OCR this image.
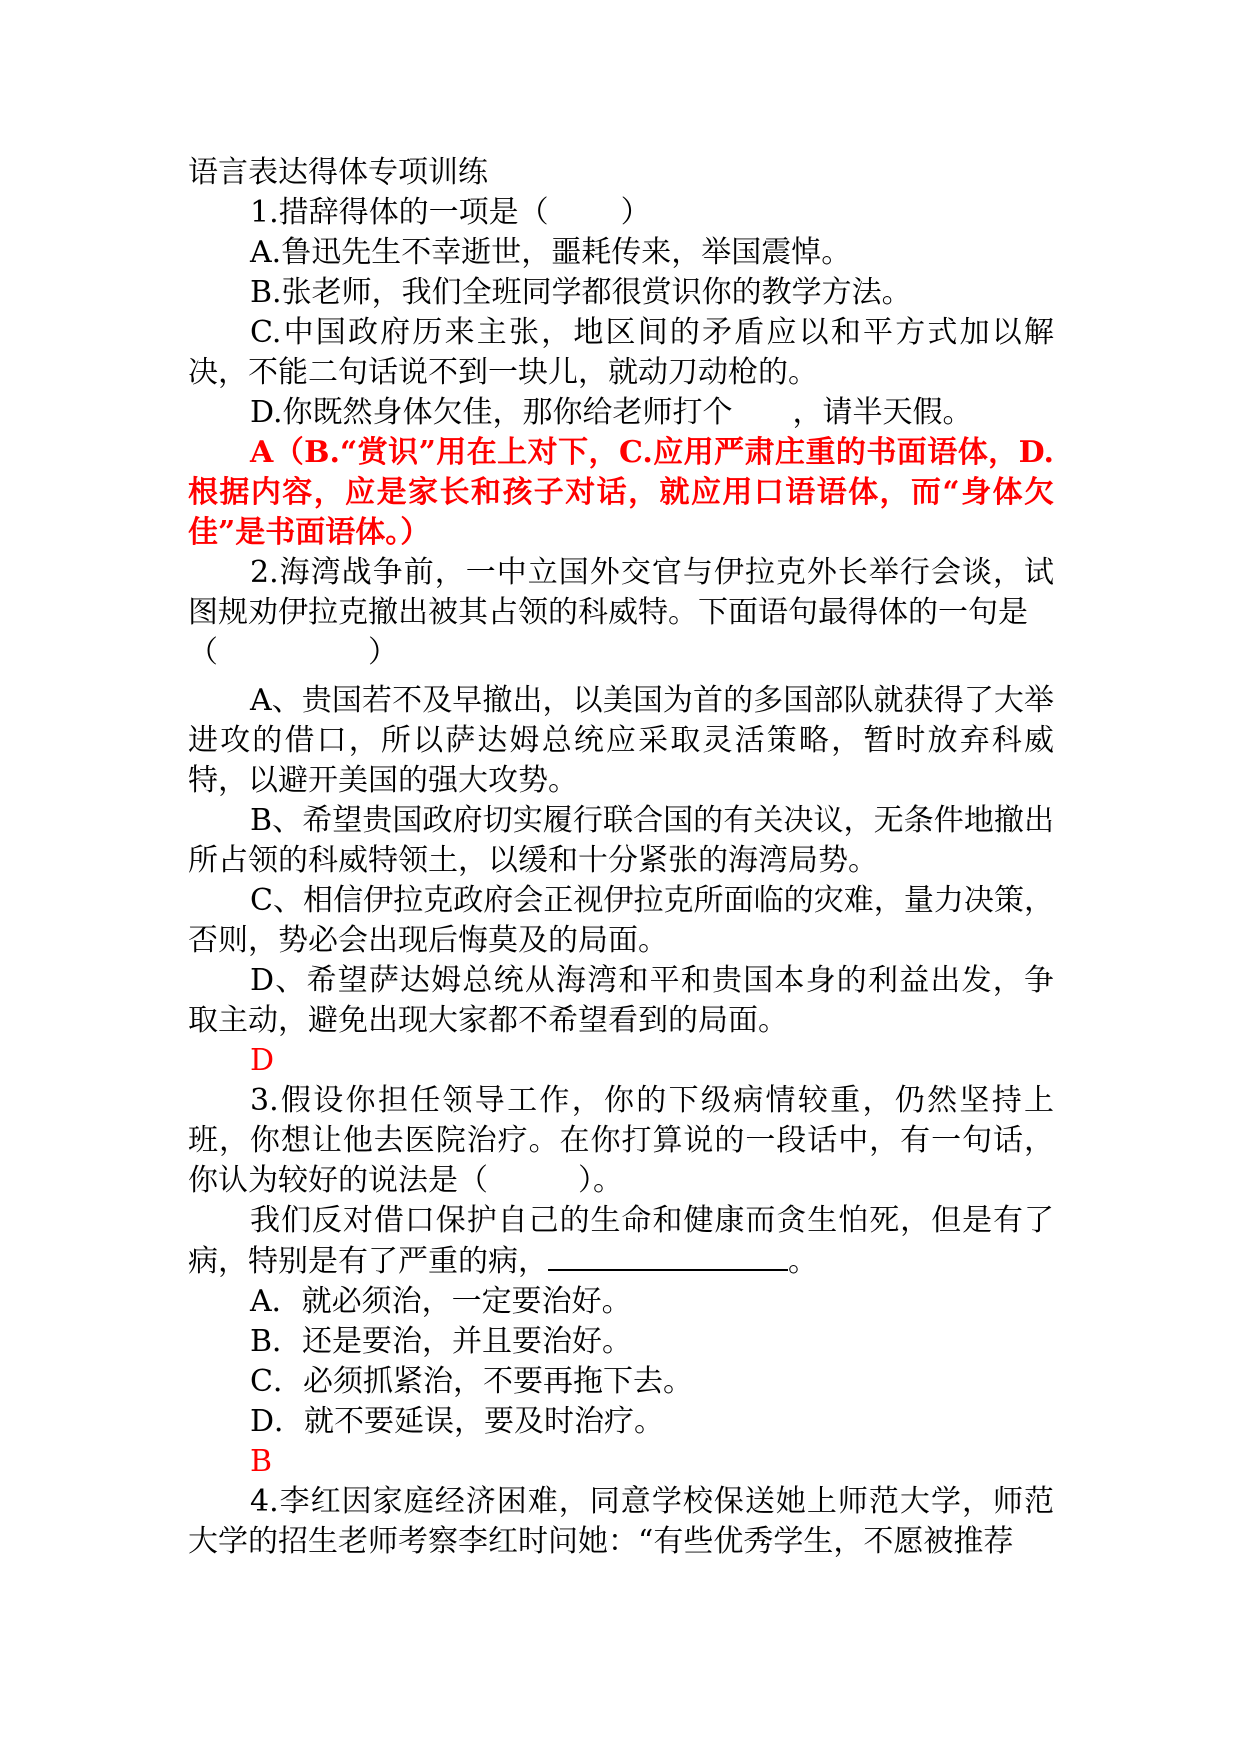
语言表达得体专项训练

1.措辞得体的一项是（ ）

A.鲁迅先生不幸逝世，噩耗传来，举国震悼。

B.张老师，我们全班同学都很赏识你的教学方法。

C.中国政府历来主张，地区间的矛盾应以和平方式加以解决，不能二句话说不到一块儿，就动刀动枪的。

D.你既然身体欠佳，那你给老师打个 ，请半天假。

A（B.“赏识”用在上对下，C.应用严肃庄重的书面语体，D.根据内容，应是家长和孩子对话，就应用口语语体，而“身体欠佳”是书面语体。）

2.海湾战争前，一中立国外交官与伊拉克外长举行会谈，试图规劝伊拉克撤出被其占领的科威特。下面语句最得体的一句是

（	）

A、贵国若不及早撤出，以美国为首的多国部队就获得了大举进攻的借口，所以萨达姆总统应采取灵活策略，暂时放弃科威特，以避开美国的强大攻势。

B、希望贵国政府切实履行联合国的有关决议，无条件地撤出所占领的科威特领土，以缓和十分紧张的海湾局势。

C、相信伊拉克政府会正视伊拉克所面临的灾难，量力决策，否则，势必会出现后悔莫及的局面。

D、希望萨达姆总统从海湾和平和贵国本身的利益出发，争取主动，避免出现大家都不希望看到的局面。

D

3.假设你担任领导工作，你的下级病情较重，仍然坚持上班，你想让他去医院治疗。在你打算说的一段话中，有一句话，你认为较好的说法是（	）。

我们反对借口保护自己的生命和健康而贪生怕死，但是有了病，特别是有了严重的病，	。

A．就必须治，一定要治好。

B．还是要治，并且要治好。

C．必须抓紧治，不要再拖下去。

D．就不要延误，要及时治疗。

B

4.李红因家庭经济困难，同意学校保送她上师范大学，师范大学的招生老师考察李红时问她：“有些优秀学生，不愿被推荐
